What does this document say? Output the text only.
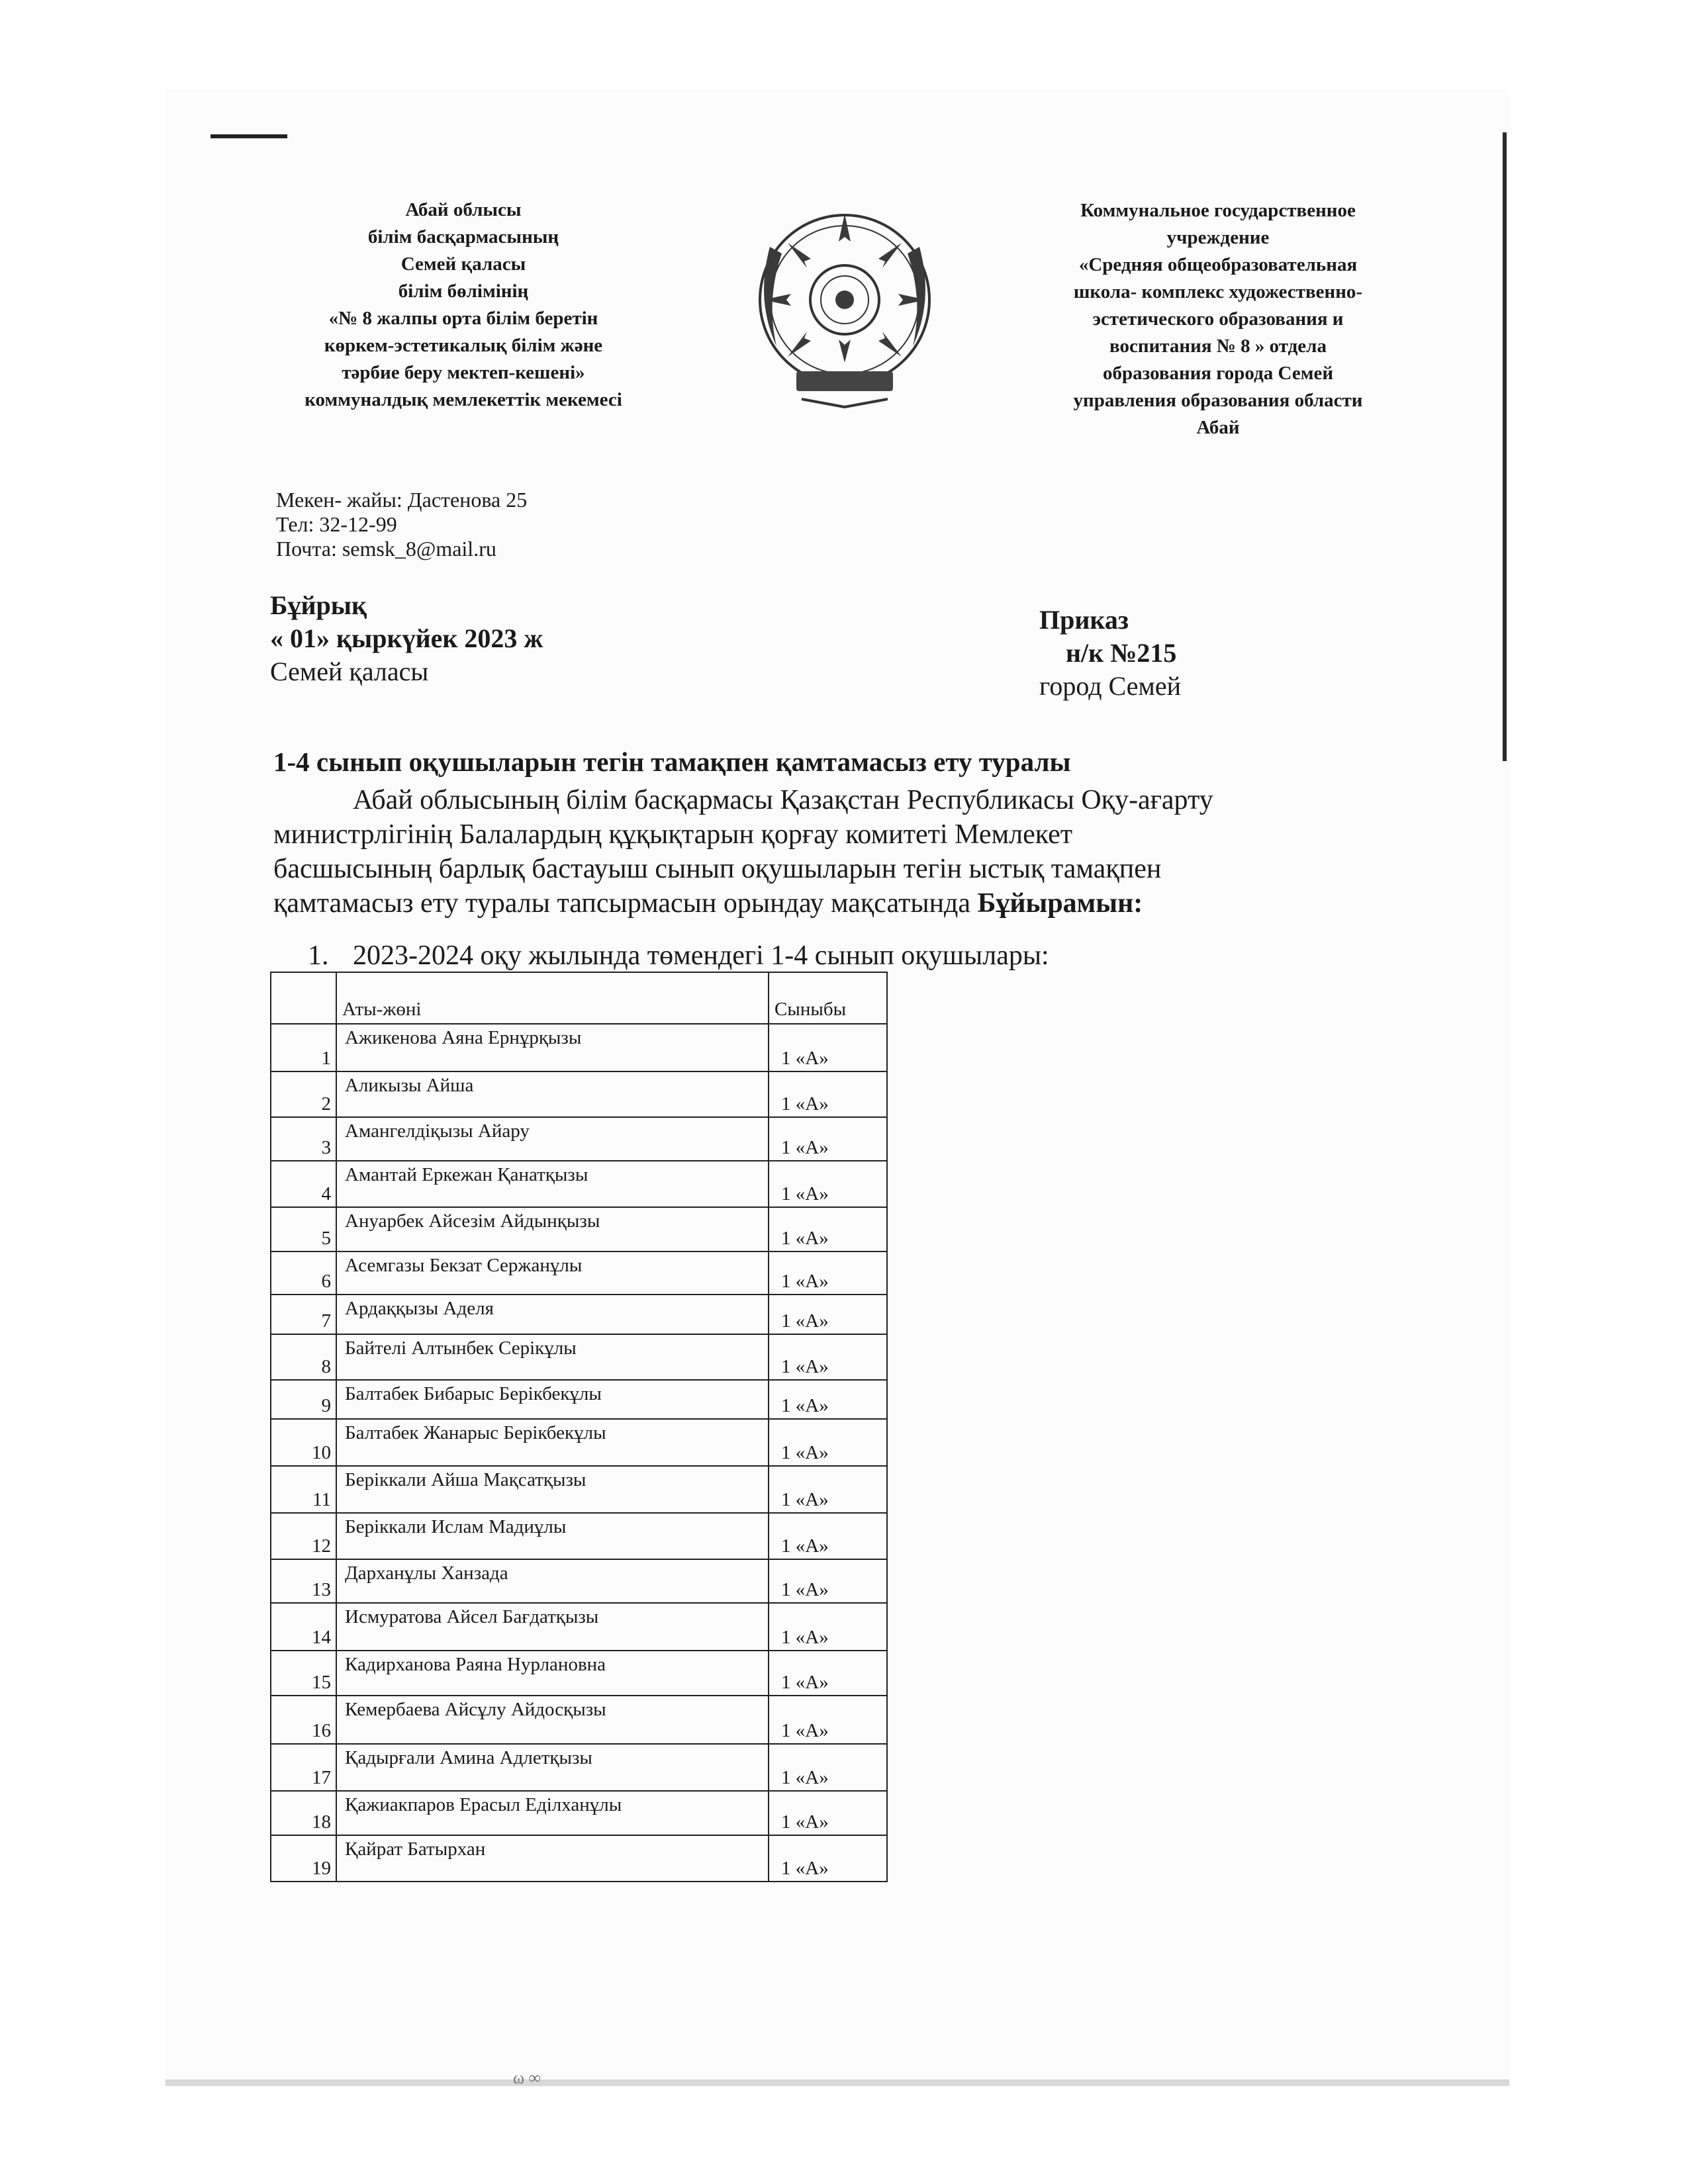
ω ∞
Абай облысы
білім басқармасының
Семей қаласы
білім бөлімінің
«№ 8 жалпы орта білім беретін
көркем-эстетикалық білім және
тәрбие беру мектеп-кешені»
коммуналдық мемлекеттік мекемесі
Коммунальное государственное
учреждение
«Средняя общеобразовательная
школа- комплекс художественно-
эстетического образования и
воспитания № 8 » отдела
образования города Семей
управления образования области
Абай
Мекен- жайы: Дастенова 25
Тел: 32-12-99
Почта: semsk_8@mail.ru
Бұйрық
« 01» қыркүйек 2023 ж
Семей қаласы
Приказ
н/к №215
город Семей
1-4 сынып оқушыларын тегін тамақпен қамтамасыз ету туралы
Абай облысының білім басқармасы Қазақстан Республикасы Оқу-ағарту
министрлігінің Балалардың құқықтарын қорғау комитеті Мемлекет
басшысының барлық бастауыш сынып оқушыларын тегін ыстық тамақпен
қамтамасыз ету туралы тапсырмасын орындау мақсатында Бұйырамын:
1. 2023-2024 оқу жылында төмендегі 1-4 сынып оқушылары:
	Аты-жөні	Сыныбы
1	Ажикенова Аяна Ернұрқызы	1 «А»
2	Аликызы Айша	1 «А»
3	Амангелдіқызы Айару	1 «А»
4	Амантай Еркежан Қанатқызы	1 «А»
5	Ануарбек Айсезім Айдынқызы	1 «А»
6	Асемгазы Бекзат Сержанұлы	1 «А»
7	Ардаққызы Аделя	1 «А»
8	Байтелі Алтынбек Серікұлы	1 «А»
9	Балтабек Бибарыс Берікбекұлы	1 «А»
10	Балтабек Жанарыс Берікбекұлы	1 «А»
11	Беріккали Айша Мақсатқызы	1 «А»
12	Беріккали Ислам Мадиұлы	1 «А»
13	Дарханұлы Ханзада	1 «А»
14	Исмуратова Айсел Бағдатқызы	1 «А»
15	Кадирханова Раяна Нурлановна	1 «А»
16	Кемербаева Айсұлу Айдосқызы	1 «А»
17	Қадырғали Амина Адлетқызы	1 «А»
18	Қажиакпаров Ерасыл Еділханұлы	1 «А»
19	Қайрат Батырхан	1 «А»
